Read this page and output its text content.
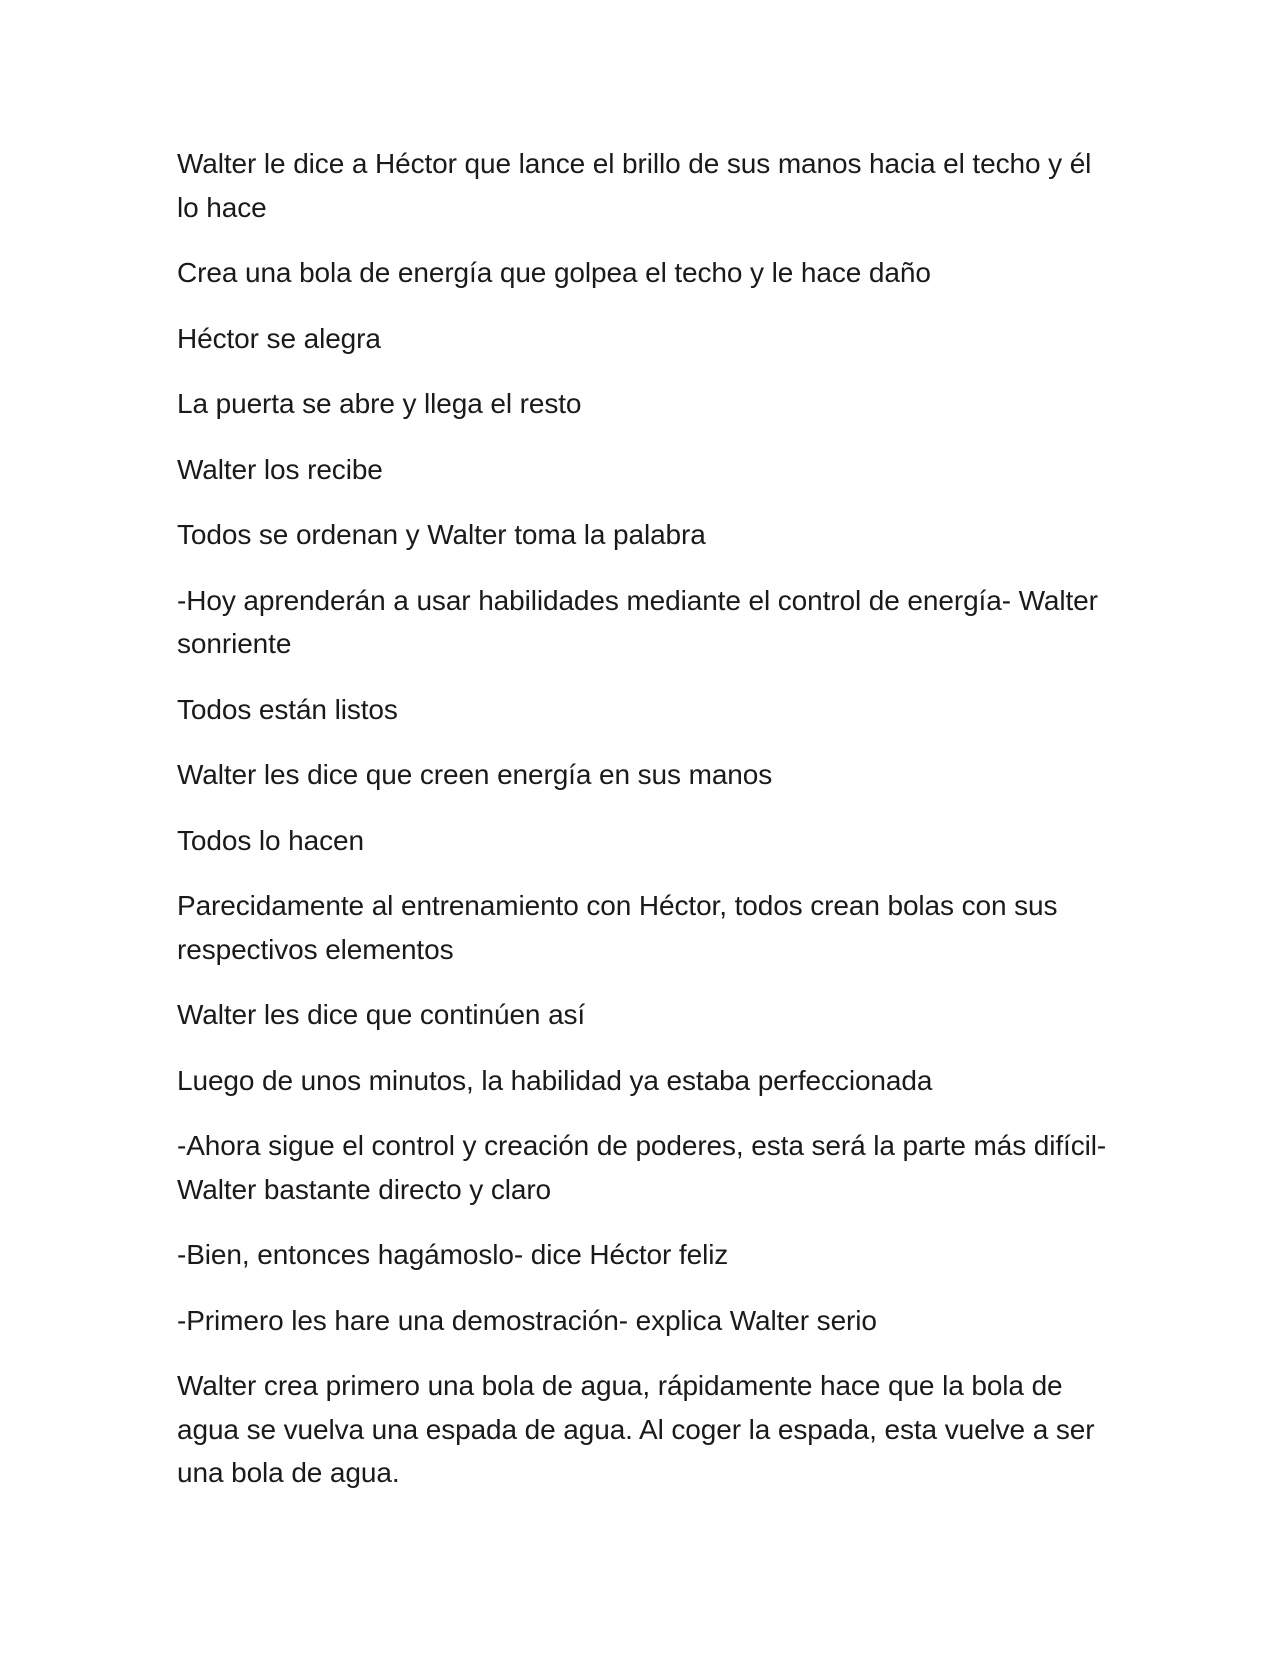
Walter le dice a Héctor que lance el brillo de sus manos hacia el techo y él lo hace

Crea una bola de energía que golpea el techo y le hace daño

Héctor se alegra

La puerta se abre y llega el resto

Walter los recibe

Todos se ordenan y Walter toma la palabra

-Hoy aprenderán a usar habilidades mediante el control de energía- Walter sonriente

Todos están listos

Walter les dice que creen energía en sus manos

Todos lo hacen

Parecidamente al entrenamiento con Héctor, todos crean bolas con sus respectivos elementos

Walter les dice que continúen así

Luego de unos minutos, la habilidad ya estaba perfeccionada

-Ahora sigue el control y creación de poderes, esta será la parte más difícil- Walter bastante directo y claro

-Bien, entonces hagámoslo- dice Héctor feliz

-Primero les hare una demostración- explica Walter serio

Walter crea primero una bola de agua, rápidamente hace que la bola de agua se vuelva una espada de agua. Al coger la espada, esta vuelve a ser una bola de agua.
